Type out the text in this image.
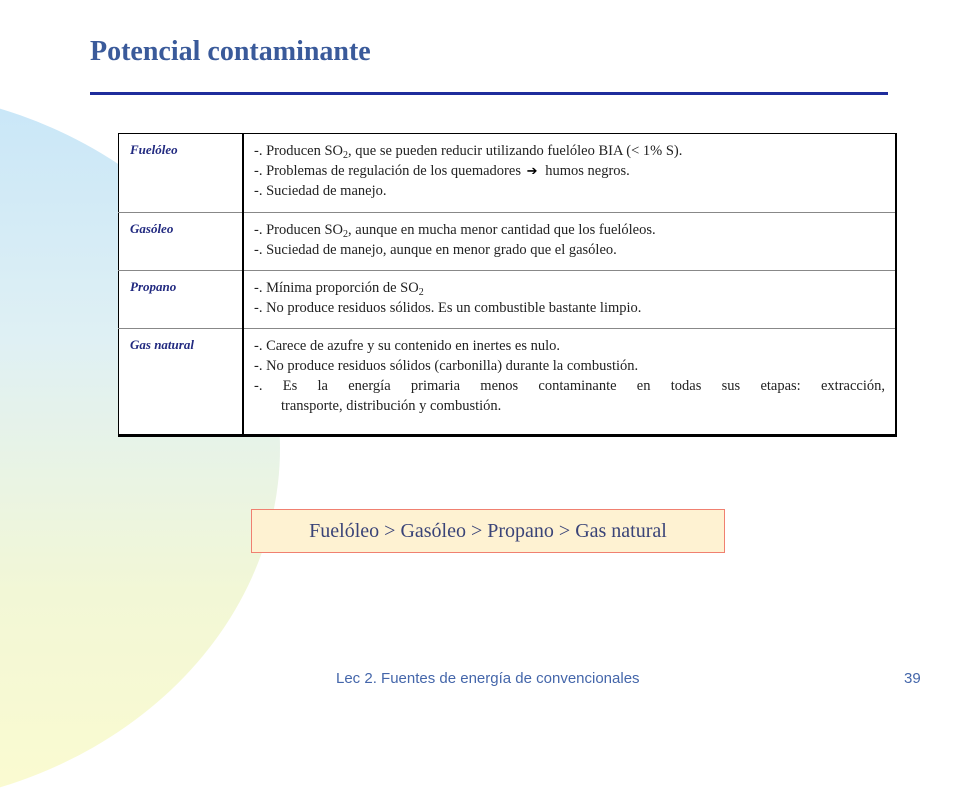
Potencial contaminante
Fuelóleo	-. Producen $SO_2$, que se pueden reducir utilizando fuelóleo BIA (< 1% S).
-. Problemas de regulación de los quemadores ➔ humos negros.
-. Suciedad de manejo.

Gasóleo	-. Producen $SO_2$, aunque en mucha menor cantidad que los fuelóleos.
-. Suciedad de manejo, aunque en menor grado que el gasóleo.

Propano	-. Mínima proporción de $SO_2$
-. No produce residuos sólidos. Es un combustible bastante limpio.

Gas natural	-. Carece de azufre y su contenido en inertes es nulo.
-. No produce residuos sólidos (carbonilla) durante la combustión.
-. Es la energía primaria menos contaminante en todas sus etapas: extracción,
transporte, distribución y combustión.
Fuelóleo > Gasóleo > Propano > Gas natural
Lec 2. Fuentes de energía de convencionales	39
